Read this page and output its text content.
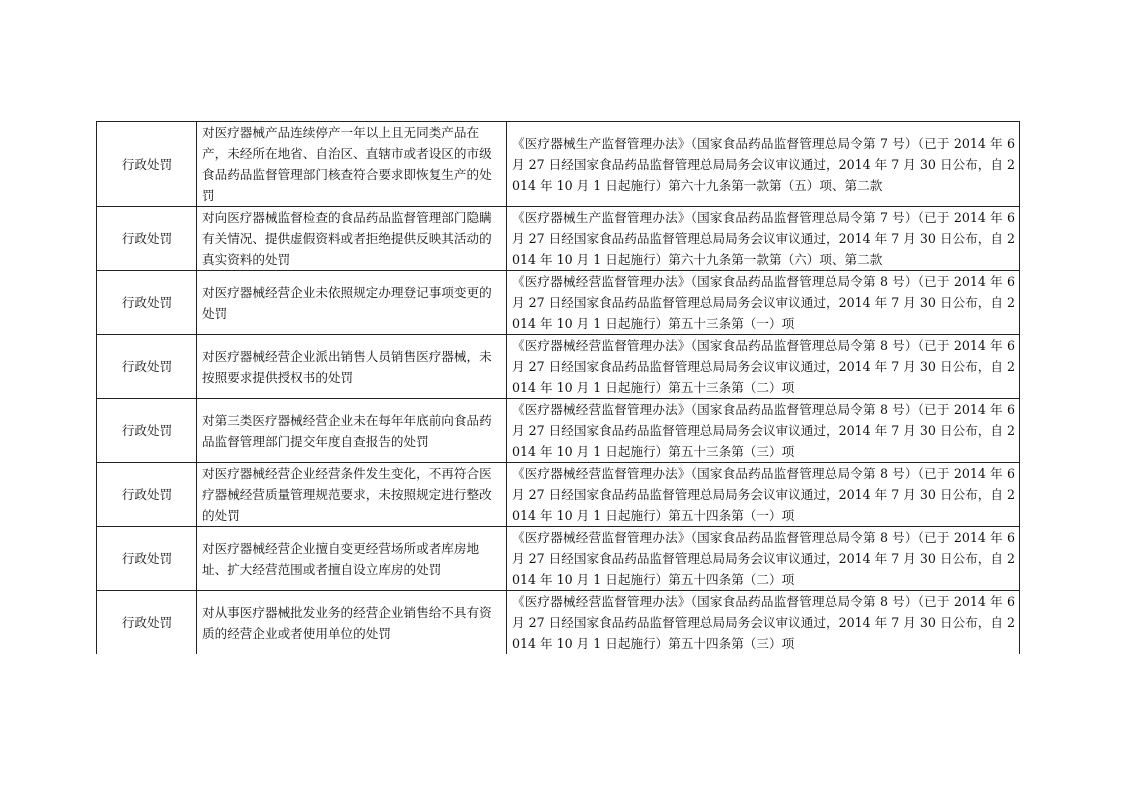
行政处罚	对医疗器械产品连续停产一年以上且无同类产品在产，未经所在地省、自治区、直辖市或者设区的市级食品药品监督管理部门核查符合要求即恢复生产的处罚	《医疗器械生产监督管理办法》（国家食品药品监督管理总局令第 7 号）（已于 2014 年 6 月 27 日经国家食品药品监督管理总局局务会议审议通过，2014 年 7 月 30 日公布，自 2014 年 10 月 1 日起施行）第六十九条第一款第（五）项、第二款

行政处罚	对向医疗器械监督检查的食品药品监督管理部门隐瞒有关情况、提供虚假资料或者拒绝提供反映其活动的真实资料的处罚	《医疗器械生产监督管理办法》（国家食品药品监督管理总局令第 7 号）（已于 2014 年 6 月 27 日经国家食品药品监督管理总局局务会议审议通过，2014 年 7 月 30 日公布，自 2014 年 10 月 1 日起施行）第六十九条第一款第（六）项、第二款

行政处罚	对医疗器械经营企业未依照规定办理登记事项变更的处罚	《医疗器械经营监督管理办法》（国家食品药品监督管理总局令第 8 号）（已于 2014 年 6 月 27 日经国家食品药品监督管理总局局务会议审议通过，2014 年 7 月 30 日公布，自 2014 年 10 月 1 日起施行）第五十三条第（一）项

行政处罚	对医疗器械经营企业派出销售人员销售医疗器械，未按照要求提供授权书的处罚	《医疗器械经营监督管理办法》（国家食品药品监督管理总局令第 8 号）（已于 2014 年 6 月 27 日经国家食品药品监督管理总局局务会议审议通过，2014 年 7 月 30 日公布，自 2014 年 10 月 1 日起施行）第五十三条第（二）项

行政处罚	对第三类医疗器械经营企业未在每年年底前向食品药品监督管理部门提交年度自查报告的处罚	《医疗器械经营监督管理办法》（国家食品药品监督管理总局令第 8 号）（已于 2014 年 6 月 27 日经国家食品药品监督管理总局局务会议审议通过，2014 年 7 月 30 日公布，自 2014 年 10 月 1 日起施行）第五十三条第（三）项

行政处罚	对医疗器械经营企业经营条件发生变化，不再符合医疗器械经营质量管理规范要求，未按照规定进行整改的处罚	《医疗器械经营监督管理办法》（国家食品药品监督管理总局令第 8 号）（已于 2014 年 6 月 27 日经国家食品药品监督管理总局局务会议审议通过，2014 年 7 月 30 日公布，自 2014 年 10 月 1 日起施行）第五十四条第（一）项

行政处罚	对医疗器械经营企业擅自变更经营场所或者库房地址、扩大经营范围或者擅自设立库房的处罚	《医疗器械经营监督管理办法》（国家食品药品监督管理总局令第 8 号）（已于 2014 年 6 月 27 日经国家食品药品监督管理总局局务会议审议通过，2014 年 7 月 30 日公布，自 2014 年 10 月 1 日起施行）第五十四条第（二）项

行政处罚	对从事医疗器械批发业务的经营企业销售给不具有资质的经营企业或者使用单位的处罚	《医疗器械经营监督管理办法》（国家食品药品监督管理总局令第 8 号）（已于 2014 年 6 月 27 日经国家食品药品监督管理总局局务会议审议通过，2014 年 7 月 30 日公布，自 2014 年 10 月 1 日起施行）第五十四条第（三）项
